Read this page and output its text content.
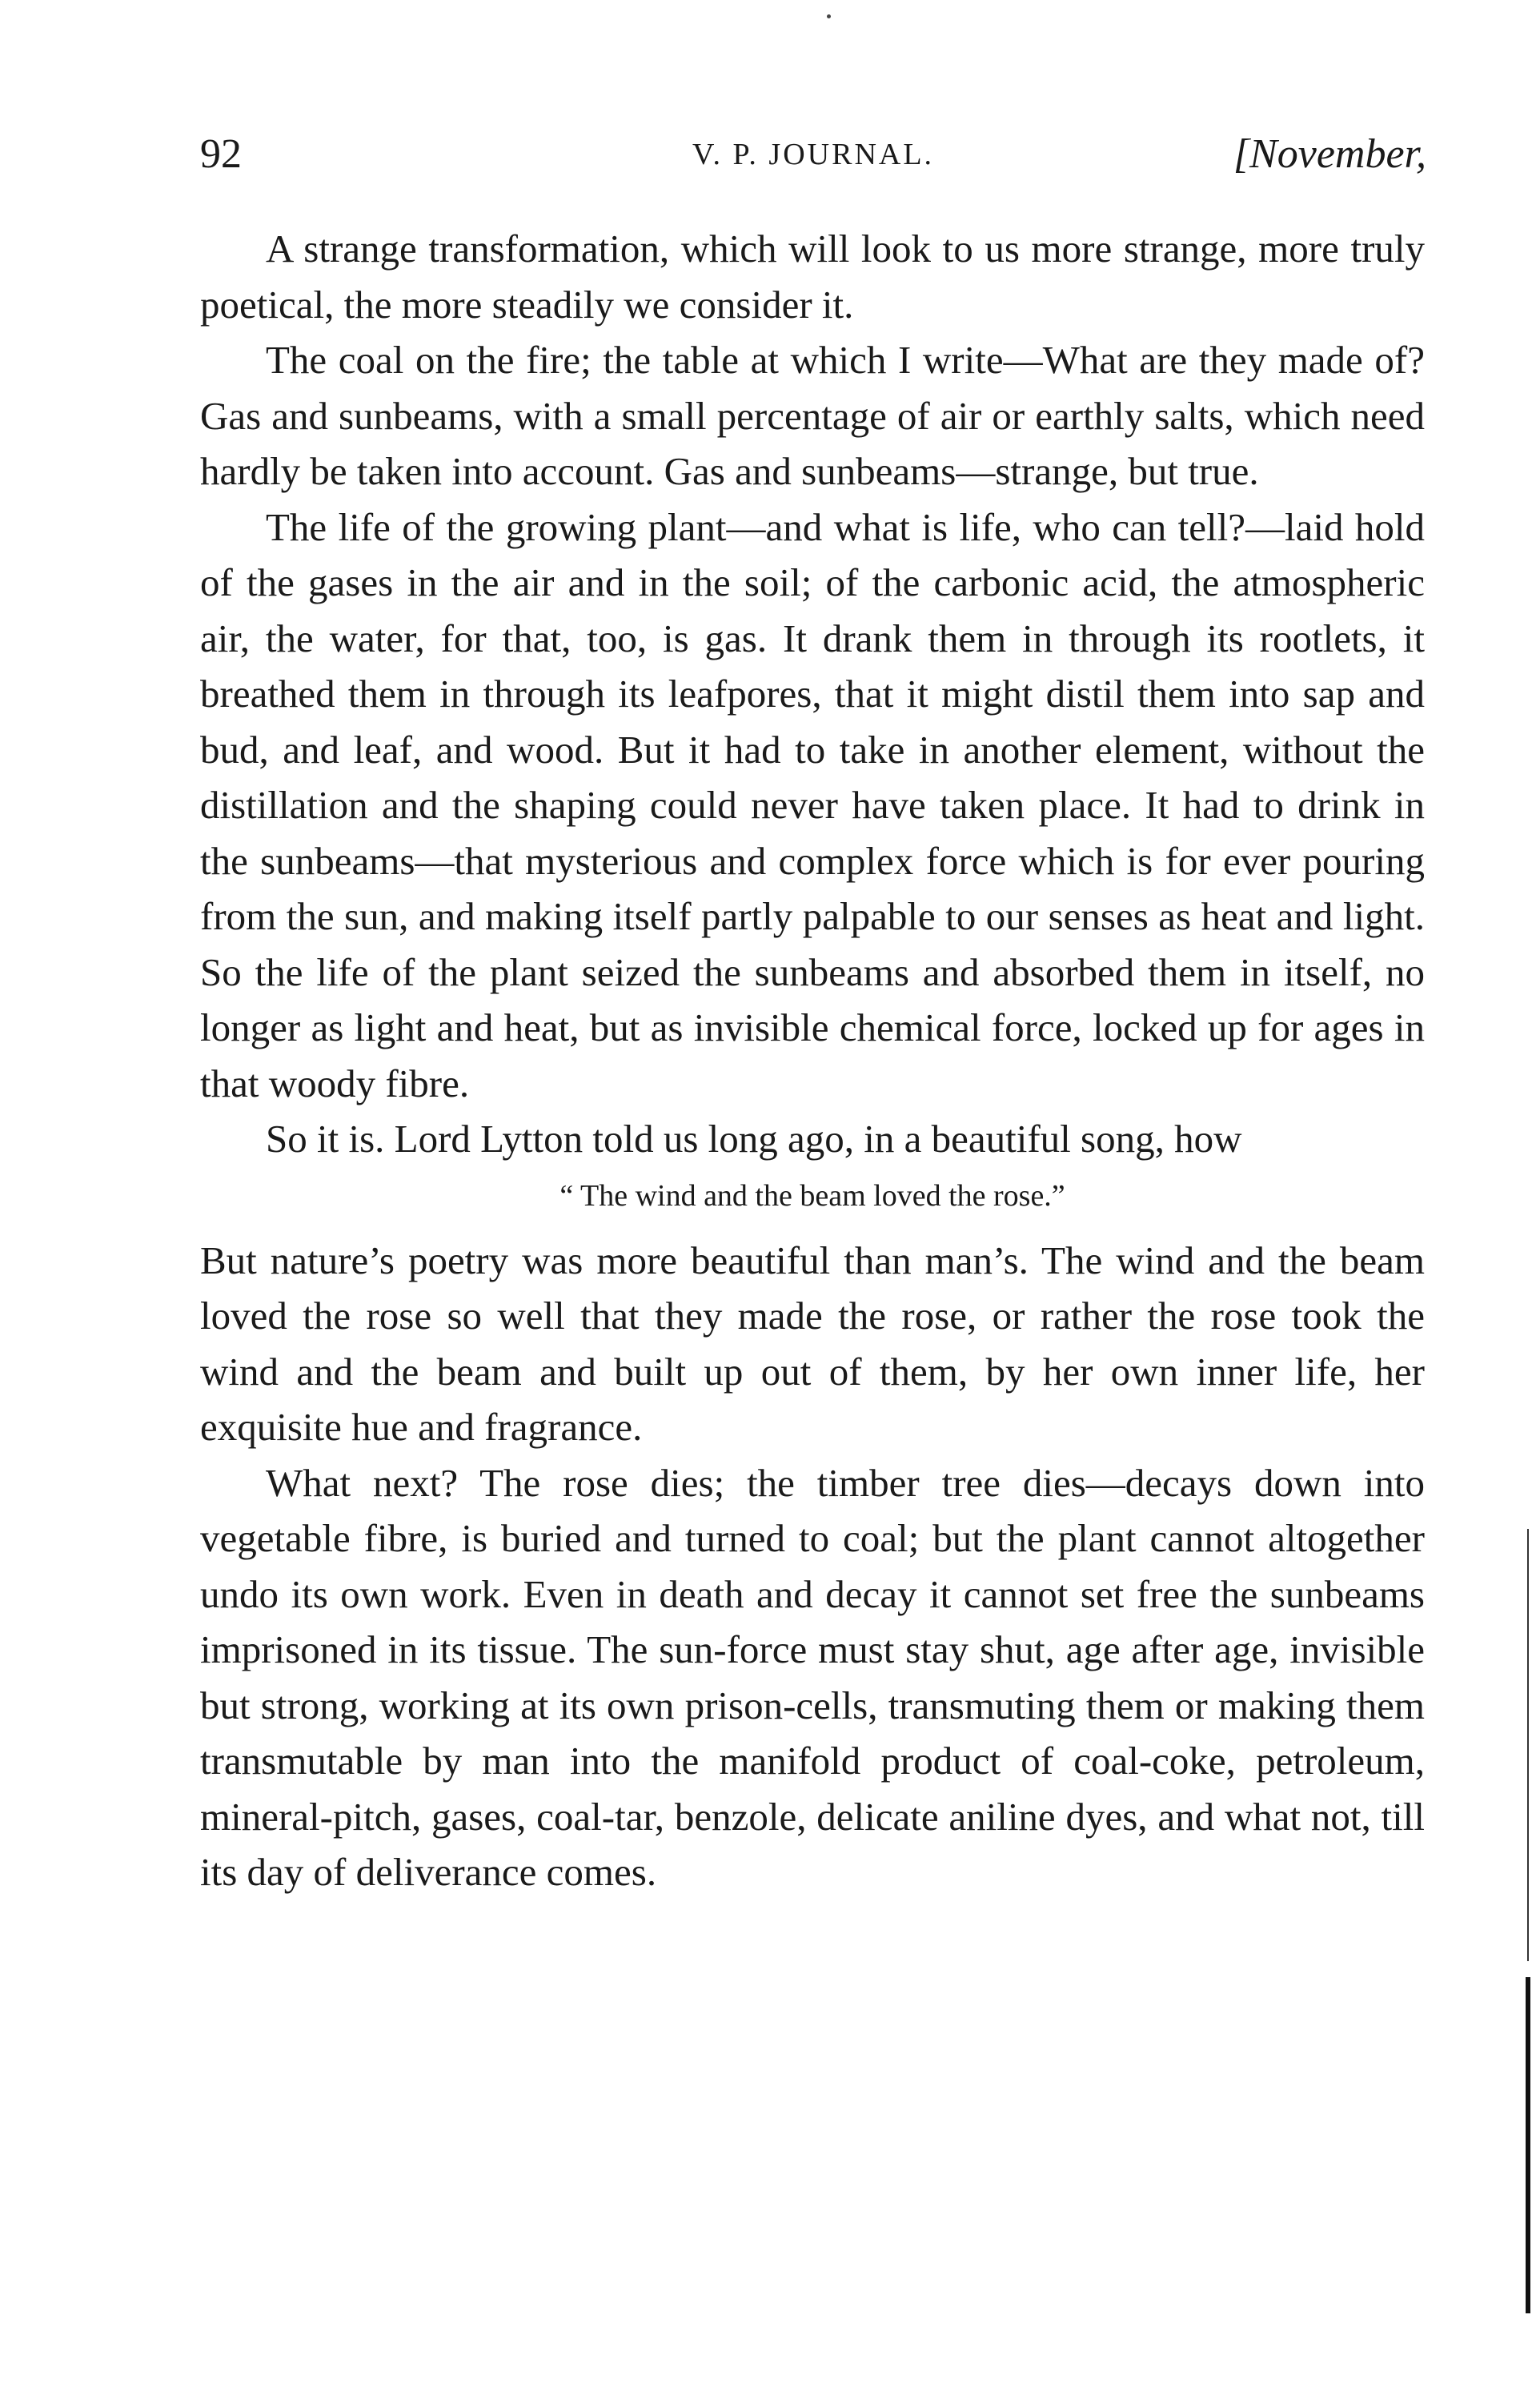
92	V. P. JOURNAL.	[November,

A strange transformation, which will look to us more strange, more truly poetical, the more steadily we consider it.

The coal on the fire; the table at which I write—What are they made of? Gas and sunbeams, with a small percentage of air or earthly salts, which need hardly be taken into account. Gas and sunbeams—strange, but true.

The life of the growing plant—and what is life, who can tell?—laid hold of the gases in the air and in the soil; of the carbonic acid, the atmospheric air, the water, for that, too, is gas. It drank them in through its rootlets, it breathed them in through its leafpores, that it might distil them into sap and bud, and leaf, and wood. But it had to take in another element, without the distillation and the shaping could never have taken place. It had to drink in the sunbeams—that mysterious and complex force which is for ever pouring from the sun, and making itself partly palpable to our senses as heat and light. So the life of the plant seized the sunbeams and absorbed them in itself, no longer as light and heat, but as invisible chemical force, locked up for ages in that woody fibre.

So it is. Lord Lytton told us long ago, in a beautiful song, how

“ The wind and the beam loved the rose.”

But nature’s poetry was more beautiful than man’s. The wind and the beam loved the rose so well that they made the rose, or rather the rose took the wind and the beam and built up out of them, by her own inner life, her exquisite hue and fragrance.

What next? The rose dies; the timber tree dies—decays down into vegetable fibre, is buried and turned to coal; but the plant cannot altogether undo its own work. Even in death and decay it cannot set free the sunbeams imprisoned in its tissue. The sun-force must stay shut, age after age, invisible but strong, working at its own prison-cells, transmuting them or making them transmutable by man into the manifold product of coal-coke, petroleum, mineral-pitch, gases, coal-tar, benzole, delicate aniline dyes, and what not, till its day of deliverance comes.
